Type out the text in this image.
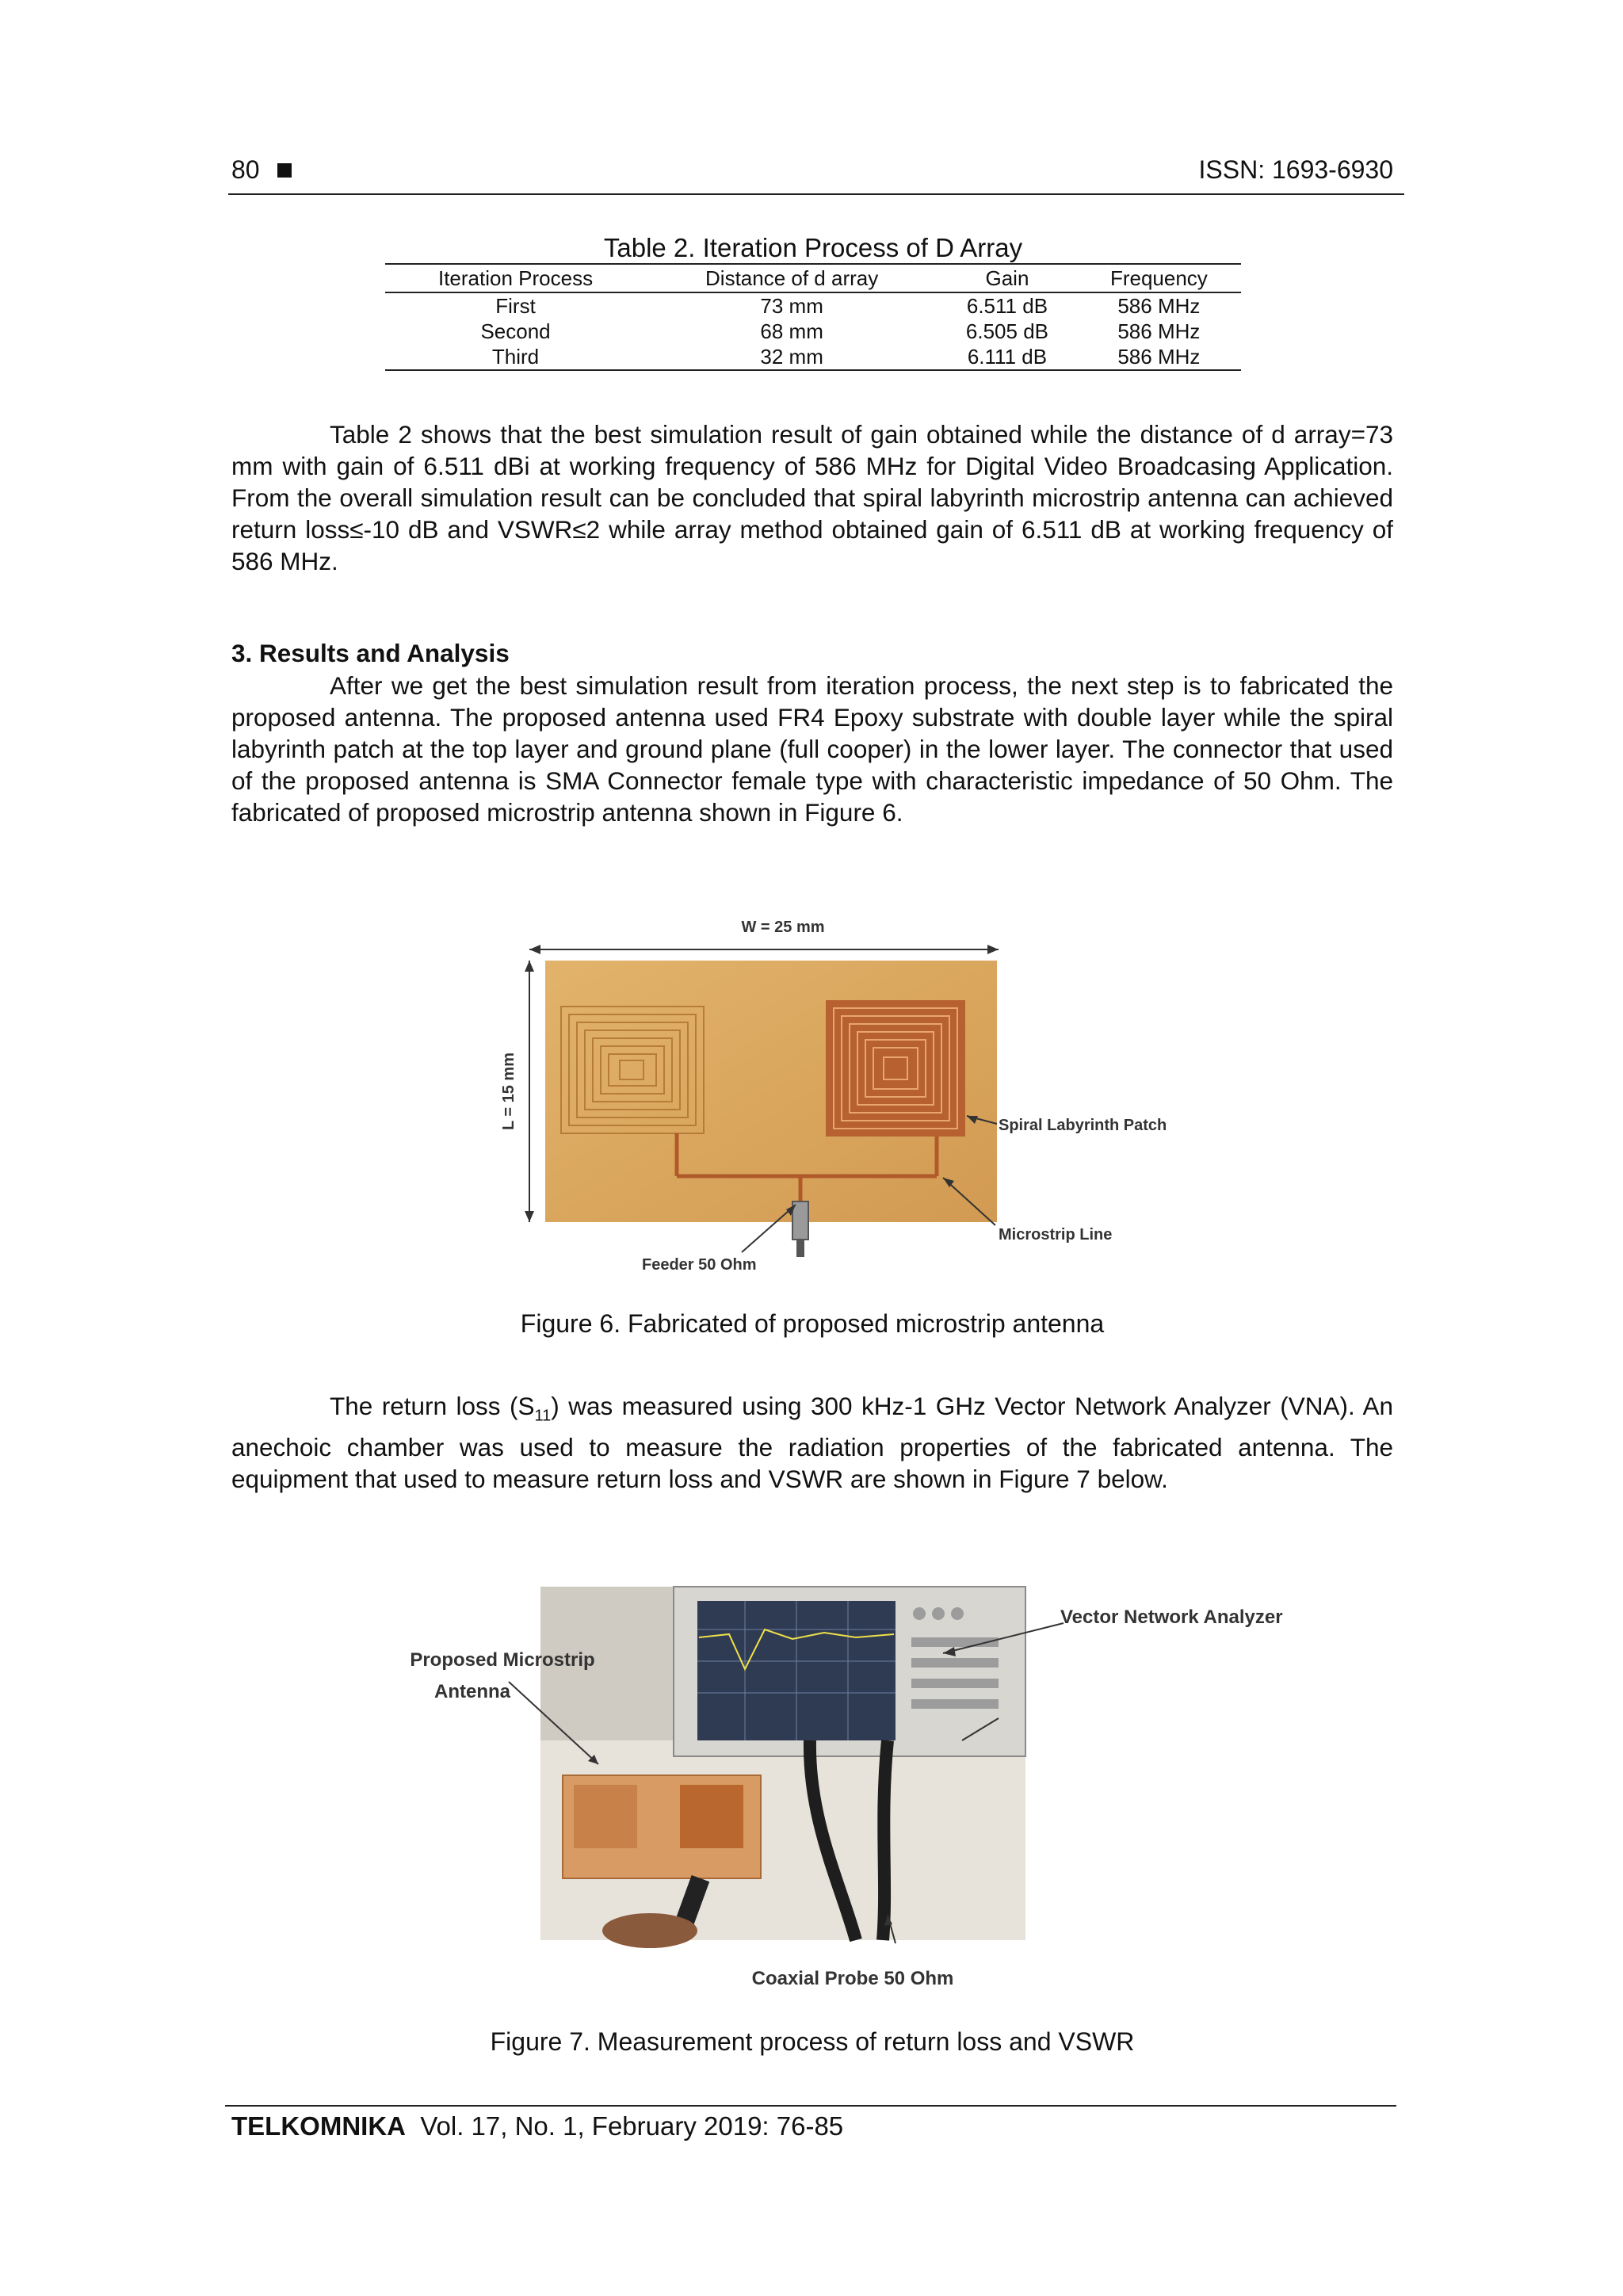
80	ISSN: 1693-6930
Table 2. Iteration Process of D Array
Iteration Process	Distance of d array	Gain	Frequency
First	73 mm	6.511 dB	586 MHz
Second	68 mm	6.505 dB	586 MHz
Third	32 mm	6.111 dB	586 MHz

Table 2 shows that the best simulation result of gain obtained while the distance of d array=73 mm with gain of 6.511 dBi at working frequency of 586 MHz for Digital Video Broadcasing Application. From the overall simulation result can be concluded that spiral labyrinth microstrip antenna can achieved return loss≤-10 dB and VSWR≤2 while array method obtained gain of 6.511 dB at working frequency of 586 MHz.

3. Results and Analysis

After we get the best simulation result from iteration process, the next step is to fabricated the proposed antenna. The proposed antenna used FR4 Epoxy substrate with double layer while the spiral labyrinth patch at the top layer and ground plane (full cooper) in the lower layer. The connector that used of the proposed antenna is SMA Connector female type with characteristic impedance of 50 Ohm. The fabricated of proposed microstrip antenna shown in Figure 6.

W = 25 mm
L = 15 mm	Spiral Labyrinth Patch
Microstrip Line
Feeder 50 Ohm
Figure 6. Fabricated of proposed microstrip antenna

The return loss $(S_{11})$ was measured using 300 kHz-1 GHz Vector Network Analyzer (VNA). An anechoic chamber was used to measure the radiation properties of the fabricated antenna. The equipment that used to measure return loss and VSWR are shown in Figure 7 below.

Proposed Microstrip
Antenna
Vector Network Analyzer
Coaxial Probe 50 Ohm
Figure 7. Measurement process of return loss and VSWR
TELKOMNIKA Vol. 17, No. 1, February 2019: 76-85
